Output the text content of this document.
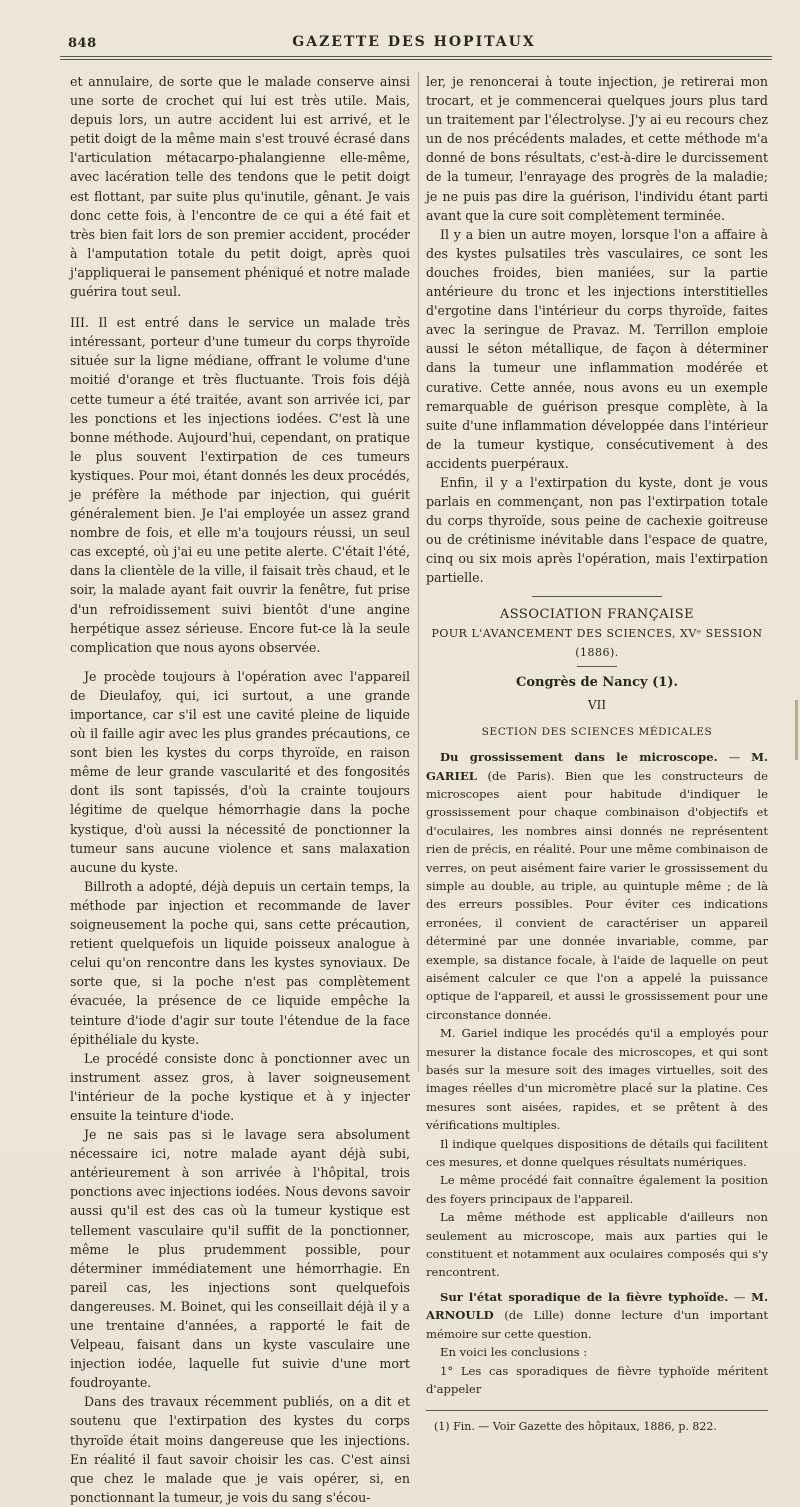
848	GAZETTE DES HOPITAUX

et annulaire, de sorte que le malade conserve ainsi une sorte de crochet qui lui est très utile. Mais, depuis lors, un autre accident lui est arrivé, et le petit doigt de la même main s'est trouvé écrasé dans l'articulation métacarpo-phalangienne elle-même, avec lacération telle des tendons que le petit doigt est flottant, par suite plus qu'inutile, gênant. Je vais donc cette fois, à l'encontre de ce qui a été fait et très bien fait lors de son premier accident, procéder à l'amputation totale du petit doigt, après quoi j'appliquerai le pansement phéniqué et notre malade guérira tout seul.

III. Il est entré dans le service un malade très intéressant, porteur d'une tumeur du corps thyroïde située sur la ligne médiane, offrant le volume d'une moitié d'orange et très fluctuante. Trois fois déjà cette tumeur a été traitée, avant son arrivée ici, par les ponctions et les injections iodées. C'est là une bonne méthode. Aujourd'hui, cependant, on pratique le plus souvent l'extirpation de ces tumeurs kystiques. Pour moi, étant donnés les deux procédés, je préfère la méthode par injection, qui guérit généralement bien. Je l'ai employée un assez grand nombre de fois, et elle m'a toujours réussi, un seul cas excepté, où j'ai eu une petite alerte. C'était l'été, dans la clientèle de la ville, il faisait très chaud, et le soir, la malade ayant fait ouvrir la fenêtre, fut prise d'un refroidissement suivi bientôt d'une angine herpétique assez sérieuse. Encore fut-ce là la seule complication que nous ayons observée.

Je procède toujours à l'opération avec l'appareil de Dieulafoy, qui, ici surtout, a une grande importance, car s'il est une cavité pleine de liquide où il faille agir avec les plus grandes précautions, ce sont bien les kystes du corps thyroïde, en raison même de leur grande vascularité et des fongosités dont ils sont tapissés, d'où la crainte toujours légitime de quelque hémorrhagie dans la poche kystique, d'où aussi la nécessité de ponctionner la tumeur sans aucune violence et sans malaxation aucune du kyste.

Billroth a adopté, déjà depuis un certain temps, la méthode par injection et recommande de laver soigneusement la poche qui, sans cette précaution, retient quelquefois un liquide poisseux analogue à celui qu'on rencontre dans les kystes synoviaux. De sorte que, si la poche n'est pas complètement évacuée, la présence de ce liquide empêche la teinture d'iode d'agir sur toute l'étendue de la face épithéliale du kyste.

Le procédé consiste donc à ponctionner avec un instrument assez gros, à laver soigneusement l'intérieur de la poche kystique et à y injecter ensuite la teinture d'iode.

Je ne sais pas si le lavage sera absolument nécessaire ici, notre malade ayant déjà subi, antérieurement à son arrivée à l'hôpital, trois ponctions avec injections iodées. Nous devons savoir aussi qu'il est des cas où la tumeur kystique est tellement vasculaire qu'il suffit de la ponctionner, même le plus prudemment possible, pour déterminer immédiatement une hémorrhagie. En pareil cas, les injections sont quelquefois dangereuses. M. Boinet, qui les conseillait déjà il y a une trentaine d'années, a rapporté le fait de Velpeau, faisant dans un kyste vasculaire une injection iodée, laquelle fut suivie d'une mort foudroyante.

Dans des travaux récemment publiés, on a dit et soutenu que l'extirpation des kystes du corps thyroïde était moins dangereuse que les injections. En réalité il faut savoir choisir les cas. C'est ainsi que chez le malade que je vais opérer, si, en ponctionnant la tumeur, je vois du sang s'écou-

ler, je renoncerai à toute injection, je retirerai mon trocart, et je commencerai quelques jours plus tard un traitement par l'électrolyse. J'y ai eu recours chez un de nos précédents malades, et cette méthode m'a donné de bons résultats, c'est-à-dire le durcissement de la tumeur, l'enrayage des progrès de la maladie; je ne puis pas dire la guérison, l'individu étant parti avant que la cure soit complètement terminée.

Il y a bien un autre moyen, lorsque l'on a affaire à des kystes pulsatiles très vasculaires, ce sont les douches froides, bien maniées, sur la partie antérieure du tronc et les injections interstitielles d'ergotine dans l'intérieur du corps thyroïde, faites avec la seringue de Pravaz. M. Terrillon emploie aussi le séton métallique, de façon à déterminer dans la tumeur une inflammation modérée et curative. Cette année, nous avons eu un exemple remarquable de guérison presque complète, à la suite d'une inflammation développée dans l'intérieur de la tumeur kystique, consécutivement à des accidents puerpéraux.

Enfin, il y a l'extirpation du kyste, dont je vous parlais en commençant, non pas l'extirpation totale du corps thyroïde, sous peine de cachexie goitreuse ou de crétinisme inévitable dans l'espace de quatre, cinq ou six mois après l'opération, mais l'extirpation partielle.

ASSOCIATION FRANÇAISE

POUR L'AVANCEMENT DES SCIENCES, XVᵉ SESSION (1886).

Congrès de Nancy (1).

VII

SECTION DES SCIENCES MÉDICALES

Du grossissement dans le microscope. — M. GARIEL (de Paris). Bien que les constructeurs de microscopes aient pour habitude d'indiquer le grossissement pour chaque combinaison d'objectifs et d'oculaires, les nombres ainsi donnés ne représentent rien de précis, en réalité. Pour une même combinaison de verres, on peut aisément faire varier le grossissement du simple au double, au triple, au quintuple même ; de là des erreurs possibles. Pour éviter ces indications erronées, il convient de caractériser un appareil déterminé par une donnée invariable, comme, par exemple, sa distance focale, à l'aide de laquelle on peut aisément calculer ce que l'on a appelé la puissance optique de l'appareil, et aussi le grossissement pour une circonstance donnée.

M. Gariel indique les procédés qu'il a employés pour mesurer la distance focale des microscopes, et qui sont basés sur la mesure soit des images virtuelles, soit des images réelles d'un micromètre placé sur la platine. Ces mesures sont aisées, rapides, et se prêtent à des vérifications multiples.

Il indique quelques dispositions de détails qui facilitent ces mesures, et donne quelques résultats numériques.

Le même procédé fait connaître également la position des foyers principaux de l'appareil.

La même méthode est applicable d'ailleurs non seulement au microscope, mais aux parties qui le constituent et notamment aux oculaires composés qui s'y rencontrent.

Sur l'état sporadique de la fièvre typhoïde. — M. ARNOULD (de Lille) donne lecture d'un important mémoire sur cette question.

En voici les conclusions :

1° Les cas sporadiques de fièvre typhoïde méritent d'appeler

(1) Fin. — Voir Gazette des hôpitaux, 1886, p. 822.
